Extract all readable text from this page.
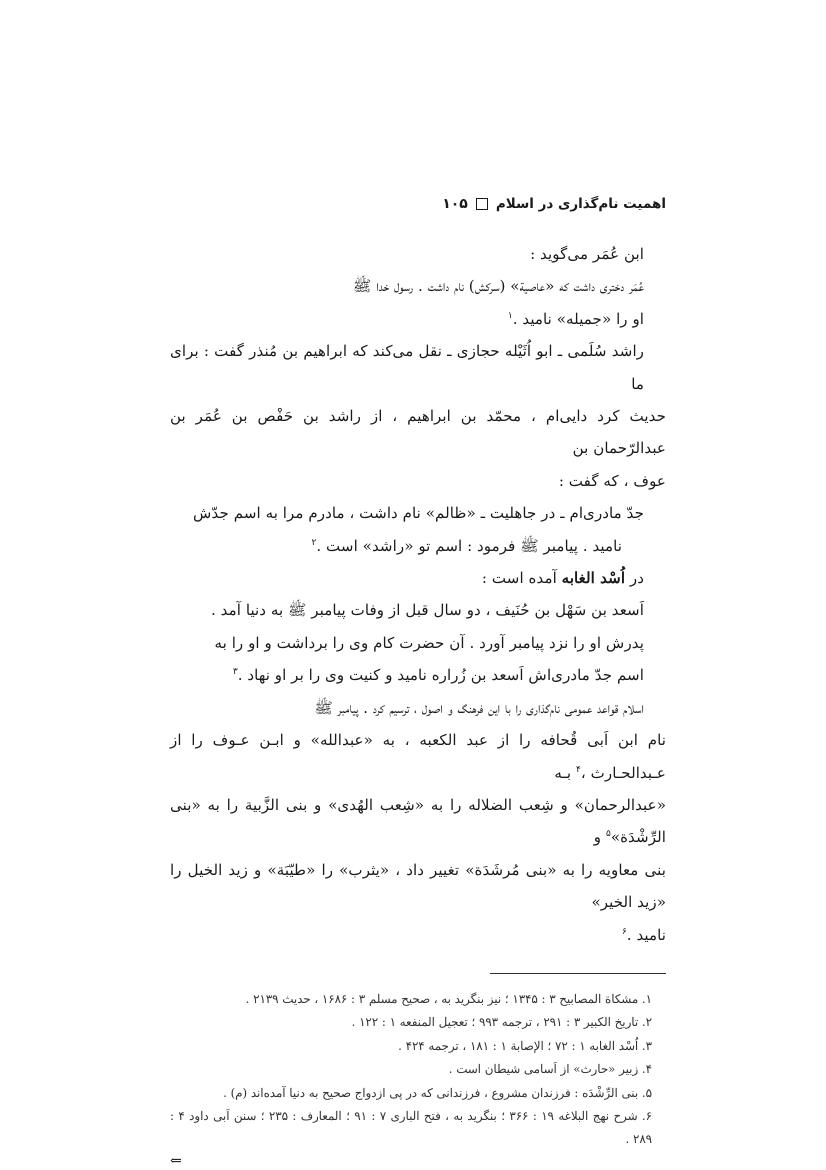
اهمیت نام‌گذاری در اسلام
۱۰۵

ابن عُمَر می‌گوید :

عُمَر دختری داشت که «عاصیة» (سرکش) نام داشت . رسول خدا ﷺ

او را «جمیله» نامید .$^۱$

راشد سُلَمی ـ ابو اُثَیْله حجازی ـ نقل می‌کند که ابراهیم بن مُنذر گفت : برای ما

حدیث کرد دایی‌ام ، محمّد بن ابراهیم ، از راشد بن حَفْص بن عُمَر بن عبدالرّحمان بن

عوف ، که گفت :

جدّ مادری‌ام ـ در جاهلیت ـ «ظالم» نام داشت ، مادرم مرا به اسم جدّش

نامید . پیامبر ﷺ فرمود : اسم تو «راشد» است .$^۲$

در اُسْد الغابه آمده است :

اَسعد بن سَهْل بن حُنَیف ، دو سال قبل از وفات پیامبر ﷺ به دنیا آمد .

پدرش او را نزد پیامبر آورد . آن حضرت کام وی را برداشت و او را به

اسم جدّ مادری‌اش اَسعد بن زُراره نامید و کنیت وی را بر او نهاد .$^۳$

اسلام قواعد عمومی نام‌گذاری را با این فرهنگ و اصول ، ترسیم کرد . پیامبر ﷺ

نام ابن اَبی قُحافه را از عبد الکعبه ، به «عبدالله» و ابـن عـوف را از عـبدالحـارث ،$^۴$ بـه

«عبدالرحمان» و شِعب الضلاله را به «شِعب الهُدی» و بنی الزَّبیة را به «بنی الرِّشْدَة»$^۵$ و

بنی معاویه را به «بنی مُرشَدَة» تغییر داد ، «یثرب» را «طیّبَة» و زید الخیل را «زید الخیر»

نامید .$^۶$

۱. مشکاة المصابیح ۳ : ۱۳۴۵ ؛ نیز بنگرید به ، صحیح مسلم ۳ : ۱۶۸۶ ، حدیث ۲۱۳۹ .

۲. تاریخ الکبیر ۳ : ۲۹۱ ، ترجمه ۹۹۳ ؛ تعجیل المنفعه ۱ : ۱۲۲ .

۳. اُسْد الغابه ۱ : ۷۲ ؛ الإصابة ۱ : ۱۸۱ ، ترجمه ۴۲۴ .

۴. زبیر «حارث» از اَسامی شیطان است .

۵. بنی الرِّشْدَه : فرزندان مشروع ، فرزندانی که در پی ازدواج صحیح به دنیا آمده‌اند (م) .

۶. شرح نهج البلاغه ۱۹ : ۳۶۶ ؛ بنگرید به ، فتح الباری ۷ : ۹۱ ؛ المعارف : ۲۳۵ ؛ سنن اَبی داود ۴ : ۲۸۹ .

⇐
